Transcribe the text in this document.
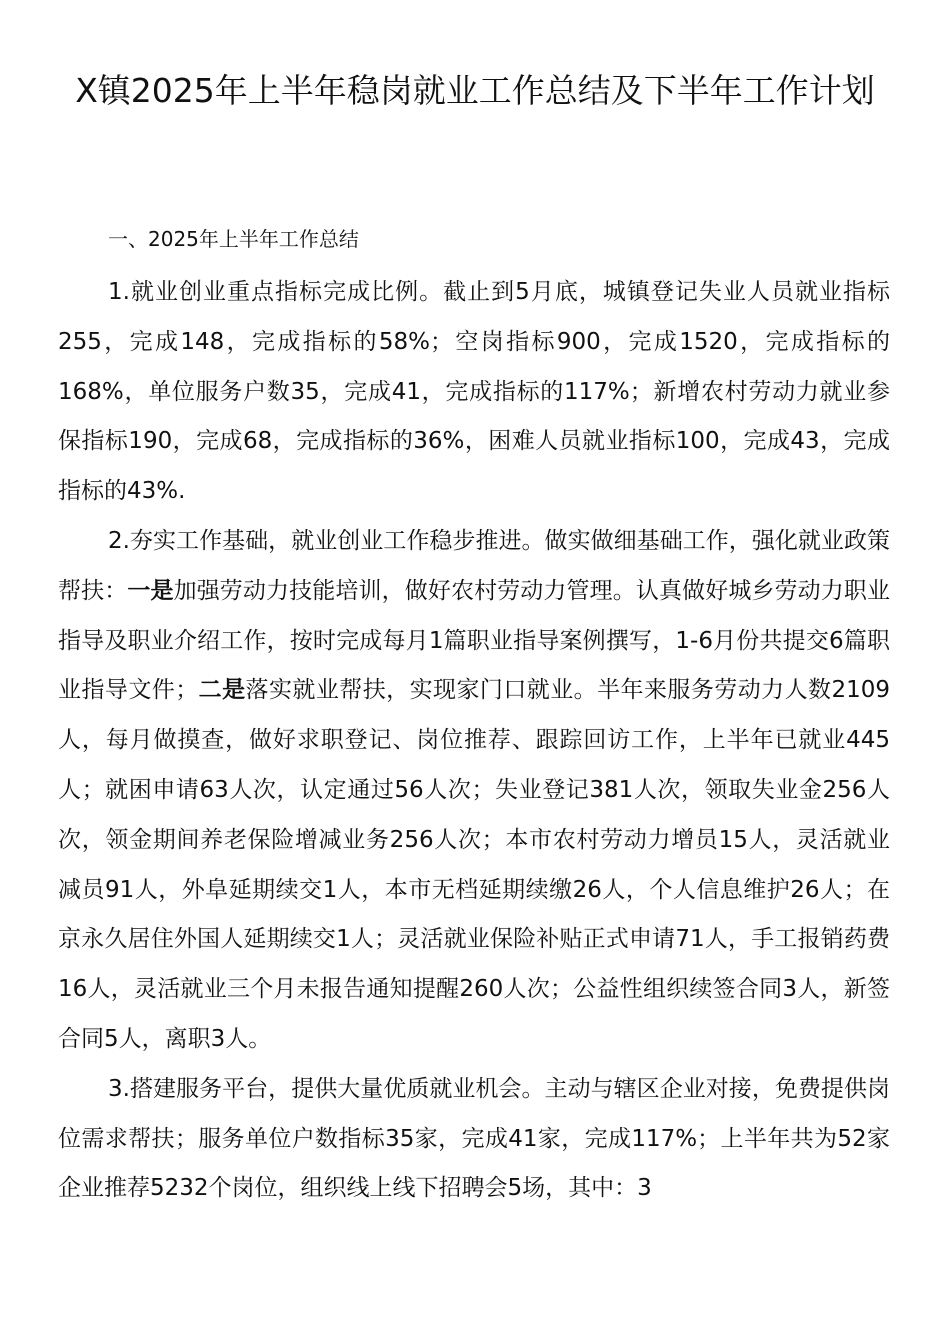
X镇2025年上半年稳岗就业工作总结及下半年工作计划

一、2025年上半年工作总结

1.就业创业重点指标完成比例。截止到5月底，城镇登记失业人员就业指标255，完成148，完成指标的58%；空岗指标900，完成1520，完成指标的168%，单位服务户数35，完成41，完成指标的117%；新增农村劳动力就业参保指标190，完成68，完成指标的36%，困难人员就业指标100，完成43，完成指标的43%.

2.夯实工作基础，就业创业工作稳步推进。做实做细基础工作，强化就业政策帮扶：一是加强劳动力技能培训，做好农村劳动力管理。认真做好城乡劳动力职业指导及职业介绍工作，按时完成每月1篇职业指导案例撰写，1-6月份共提交6篇职业指导文件；二是落实就业帮扶，实现家门口就业。半年来服务劳动力人数2109人，每月做摸查，做好求职登记、岗位推荐、跟踪回访工作，上半年已就业445人；就困申请63人次，认定通过56人次；失业登记381人次，领取失业金256人次，领金期间养老保险增减业务256人次；本市农村劳动力增员15人，灵活就业减员91人，外阜延期续交1人，本市无档延期续缴26人，个人信息维护26人；在京永久居住外国人延期续交1人；灵活就业保险补贴正式申请71人，手工报销药费16人，灵活就业三个月未报告通知提醒260人次；公益性组织续签合同3人，新签合同5人，离职3人。

3.搭建服务平台，提供大量优质就业机会。主动与辖区企业对接，免费提供岗位需求帮扶；服务单位户数指标35家，完成41家，完成117%；上半年共为52家企业推荐5232个岗位，组织线上线下招聘会5场，其中：3
